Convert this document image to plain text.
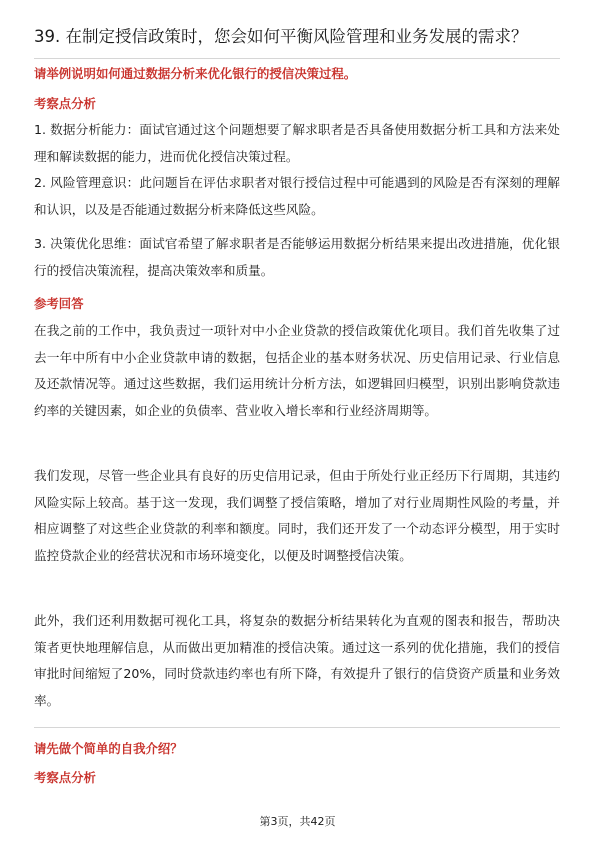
39. 在制定授信政策时，您会如何平衡风险管理和业务发展的需求？
请举例说明如何通过数据分析来优化银行的授信决策过程。
考察点分析

1. 数据分析能力：面试官通过这个问题想要了解求职者是否具备使用数据分析工具和方法来处理和解读数据的能力，进而优化授信决策过程。

2. 风险管理意识：此问题旨在评估求职者对银行授信过程中可能遇到的风险是否有深刻的理解和认识，以及是否能通过数据分析来降低这些风险。

3. 决策优化思维：面试官希望了解求职者是否能够运用数据分析结果来提出改进措施，优化银行的授信决策流程，提高决策效率和质量。

参考回答

在我之前的工作中，我负责过一项针对中小企业贷款的授信政策优化项目。我们首先收集了过去一年中所有中小企业贷款申请的数据，包括企业的基本财务状况、历史信用记录、行业信息及还款情况等。通过这些数据，我们运用统计分析方法，如逻辑回归模型，识别出影响贷款违约率的关键因素，如企业的负债率、营业收入增长率和行业经济周期等。

我们发现，尽管一些企业具有良好的历史信用记录，但由于所处行业正经历下行周期，其违约风险实际上较高。基于这一发现，我们调整了授信策略，增加了对行业周期性风险的考量，并相应调整了对这些企业贷款的利率和额度。同时，我们还开发了一个动态评分模型，用于实时监控贷款企业的经营状况和市场环境变化，以便及时调整授信决策。

此外，我们还利用数据可视化工具，将复杂的数据分析结果转化为直观的图表和报告，帮助决策者更快地理解信息，从而做出更加精准的授信决策。通过这一系列的优化措施，我们的授信审批时间缩短了20%，同时贷款违约率也有所下降，有效提升了银行的信贷资产质量和业务效率。

请先做个简单的自我介绍？
考察点分析
第3页，共42页
